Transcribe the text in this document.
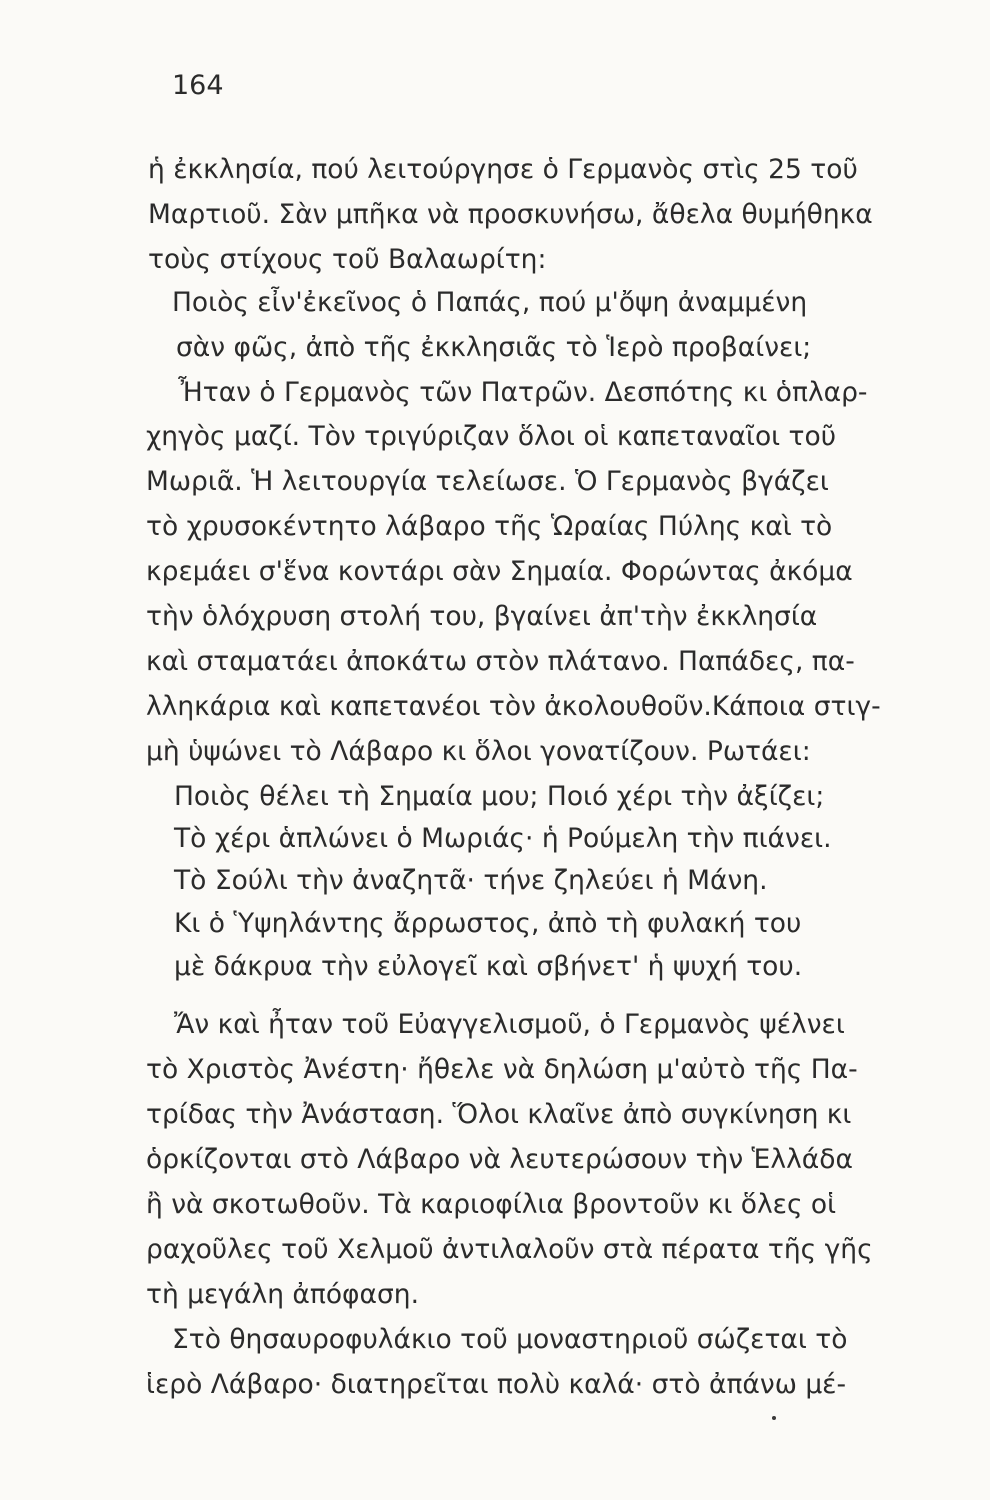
164
ἡ ἐκκλησία, πού λειτούργησε ὁ Γερμανὸς στὶς 25 τοῦ
Μαρτιοῦ. Σὰν μπῆκα νὰ προσκυνήσω, ἄθελα θυμήθηκα
τοὺς στίχους τοῦ Βαλαωρίτη:
Ποιὸς εἶν'ἐκεῖνος ὁ Παπάς, πού μ'ὄψη ἀναμμένη
σὰν φῶς, ἀπὸ τῆς ἐκκλησιᾶς τὸ Ἱερὸ προβαίνει;
Ἦταν ὁ Γερμανὸς τῶν Πατρῶν. Δεσπότης κι ὁπλαρ-
χηγὸς μαζί. Τὸν τριγύριζαν ὅλοι οἱ καπεταναῖοι τοῦ
Μωριᾶ. Ἡ λειτουργία τελείωσε. Ὁ Γερμανὸς βγάζει
τὸ χρυσοκέντητο λάβαρο τῆς Ὡραίας Πύλης καὶ τὸ
κρεμάει σ'ἕνα κοντάρι σὰν Σημαία. Φορώντας ἀκόμα
τὴν ὁλόχρυση στολή του, βγαίνει ἀπ'τὴν ἐκκλησία
καὶ σταματάει ἀποκάτω στὸν πλάτανο. Παπάδες, πα-
λληκάρια καὶ καπετανέοι τὸν ἀκολουθοῦν.Κάποια στιγ-
μὴ ὑψώνει τὸ Λάβαρο κι ὅλοι γονατίζουν. Ρωτάει:
Ποιὸς θέλει τὴ Σημαία μου; Ποιό χέρι τὴν ἀξίζει;
Τὸ χέρι ἁπλώνει ὁ Μωριάς· ἡ Ρούμελη τὴν πιάνει.
Τὸ Σούλι τὴν ἀναζητᾶ· τήνε ζηλεύει ἡ Μάνη.
Κι ὁ Ὑψηλάντης ἄρρωστος, ἀπὸ τὴ φυλακή του
μὲ δάκρυα τὴν εὐλογεῖ καὶ σβήνετ' ἡ ψυχή του.
Ἄν καὶ ἦταν τοῦ Εὐαγγελισμοῦ, ὁ Γερμανὸς ψέλνει
τὸ Χριστὸς Ἀνέστη· ἤθελε νὰ δηλώση μ'αὐτὸ τῆς Πα-
τρίδας τὴν Ἀνάσταση. Ὅλοι κλαῖνε ἀπὸ συγκίνηση κι
ὁρκίζονται στὸ Λάβαρο νὰ λευτερώσουν τὴν Ἑλλάδα
ἢ νὰ σκοτωθοῦν. Τὰ καριοφίλια βροντοῦν κι ὅλες οἱ
ραχοῦλες τοῦ Χελμοῦ ἀντιλαλοῦν στὰ πέρατα τῆς γῆς
τὴ μεγάλη ἀπόφαση.
Στὸ θησαυροφυλάκιο τοῦ μοναστηριοῦ σώζεται τὸ
ἱερὸ Λάβαρο· διατηρεῖται πολὺ καλά· στὸ ἀπάνω μέ-
